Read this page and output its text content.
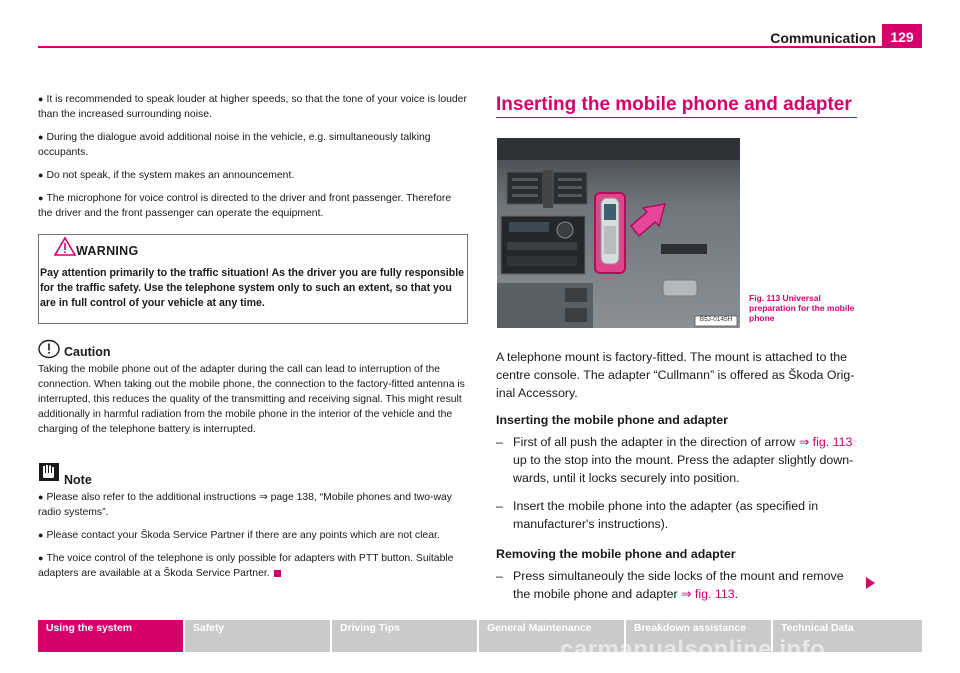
Communication	129
● It is recommended to speak louder at higher speeds, so that the tone of your voice is louder than the increased surrounding noise.
● During the dialogue avoid additional noise in the vehicle, e.g. simultaneously talking occupants.
● Do not speak, if the system makes an announcement.
● The microphone for voice control is directed to the driver and front passenger. Therefore the driver and the front passenger can operate the equipment.
WARNING
Pay attention primarily to the traffic situation! As the driver you are fully responsible for the traffic safety. Use the telephone system only to such an extent, so that you are in full control of your vehicle at any time.
Caution
Taking the mobile phone out of the adapter during the call can lead to interruption of the connection. When taking out the mobile phone, the connection to the factory-fitted antenna is interrupted, this reduces the quality of the transmitting and receiving signal. This might result additionally in harmful radiation from the mobile phone in the interior of the vehicle and the charging of the telephone battery is interrupted.
Note
● Please also refer to the additional instructions ⇒ page 138, “Mobile phones and two-way radio systems”.
● Please contact your Škoda Service Partner if there are any points which are not clear.
● The voice control of the telephone is only possible for adapters with PTT button. Suitable adapters are available at a Škoda Service Partner.
Inserting the mobile phone and adapter
B5J-0145H
Fig. 113 Universal preparation for the mobile phone

A telephone mount is factory-fitted. The mount is attached to the centre console. The adapter “Cullmann” is offered as Škoda Original Accessory.

Inserting the mobile phone and adapter
– First of all push the adapter in the direction of arrow ⇒ fig. 113 up to the stop into the mount. Press the adapter slightly downwards, until it locks securely into position.
– Insert the mobile phone into the adapter (as specified in manufacturer's instructions).
Removing the mobile phone and adapter
– Press simultaneouly the side locks of the mount and remove the mobile phone and adapter ⇒ fig. 113.
Using the system	Safety	Driving Tips	General Maintenance	Breakdown assistance	Technical Data
carmanualsonline.info
